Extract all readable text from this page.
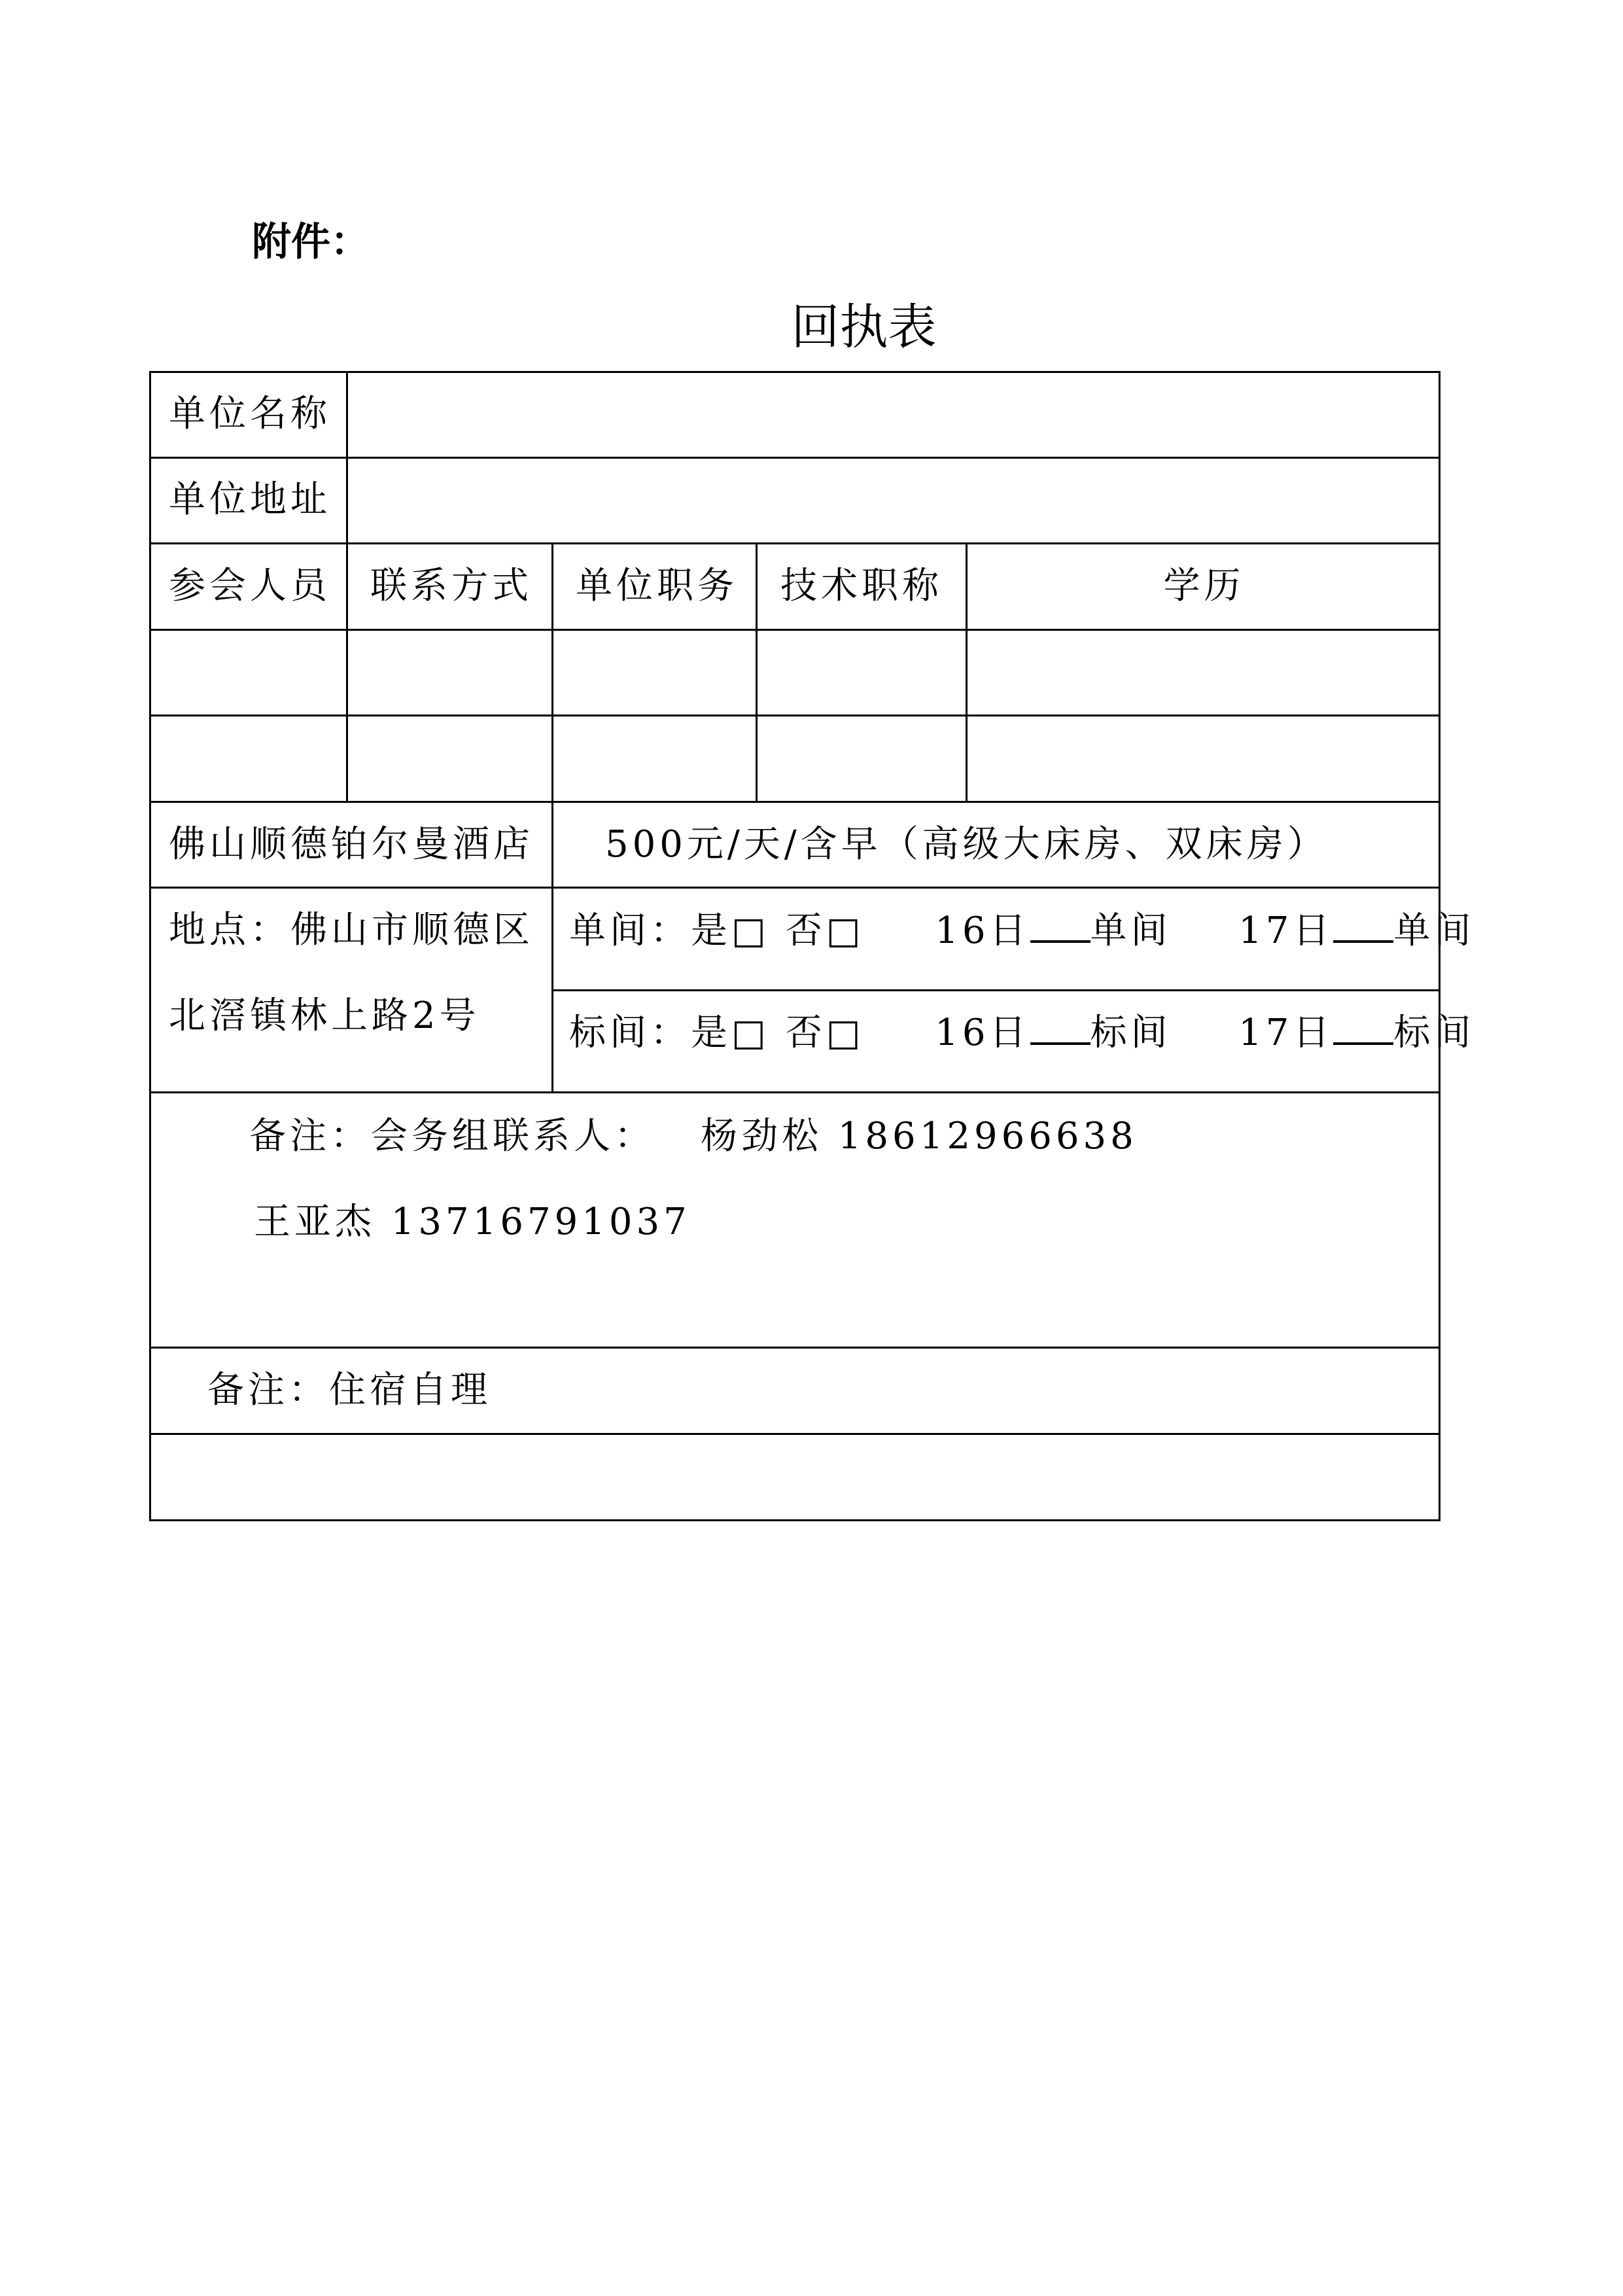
附件：
回执表
单位名称
单位地址
参会人员 联系方式 单位职务 技术职称	学历
佛山顺德铂尔曼酒店 500元/天/含早（高级大床房、双床房）
地点：佛山市顺德区
北滘镇林上路2号
单间：是□ 否□ 16日 单间 17日 单间
标间：是□ 否□ 16日 标间 17日 标间
备注：会务组联系人： 杨劲松 18612966638
王亚杰 13716791037
备注：住宿自理
